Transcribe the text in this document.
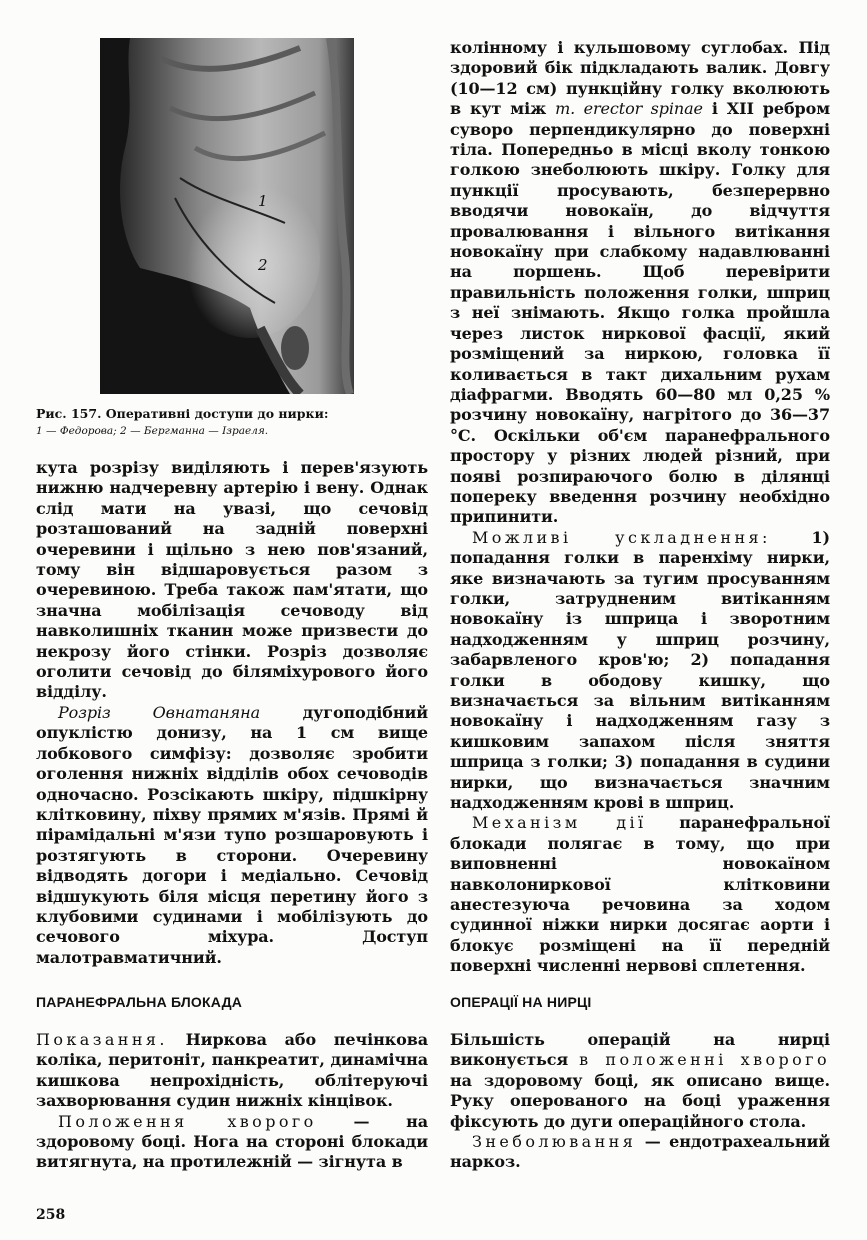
1
2
Рис. 157. Оперативні доступи до нирки:
1 — Федорова; 2 — Бергманна — Ізраеля.

кута розрізу виділяють і перев'язують нижню надчеревну артерію і вену. Однак слід мати на увазі, що сечовід розташований на задній поверхні очеревини і щільно з нею пов'язаний, тому він відшаровується разом з очеревиною. Треба також пам'ятати, що значна мобілізація сечоводу від навколишніх тканин може призвести до некрозу його стінки. Розріз дозволяє оголити сечовід до біляміхурового його відділу.

Розріз Овнатаняна дугоподібний опуклістю донизу, на 1 см вище лобкового симфізу: дозволяє зробити оголення нижніх відділів обох сечоводів одночасно. Розсікають шкіру, підшкірну клітковину, піхву прямих м'язів. Прямі й пірамідальні м'язи тупо розшаровують і розтягують в сторони. Очеревину відводять догори і медіально. Сечовід відшукують біля місця перетину його з клубовими судинами і мобілізують до сечового міхура. Доступ малотравматичний.

ПАРАНЕФРАЛЬНА БЛОКАДА

Показання. Ниркова або печінкова коліка, перитоніт, панкреатит, динамічна кишкова непрохідність, облітеруючі захворювання судин нижніх кінцівок.

Положення хворого — на здоровому боці. Нога на стороні блокади витягнута, на протилежній — зігнута в

колінному і кульшовому суглобах. Під здоровий бік підкладають валик. Довгу (10—12 см) пункційну голку вколюють в кут між m. erector spinae і XII ребром суворо перпендикулярно до поверхні тіла. Попередньо в місці вколу тонкою голкою знеболюють шкіру. Голку для пункції просувають, безперервно вводячи новокаїн, до відчуття провалювання і вільного витікання новокаїну при слабкому надавлюванні на поршень. Щоб перевірити правильність положення голки, шприц з неї знімають. Якщо голка пройшла через листок ниркової фасції, який розміщений за ниркою, головка її коливається в такт дихальним рухам діафрагми. Вводять 60—80 мл 0,25 % розчину новокаїну, нагрітого до 36—37 °С. Оскільки об'єм паранефрального простору у різних людей різний, при появі розпираючого болю в ділянці попереку введення розчину необхідно припинити.

Можливі ускладнення: 1) попадання голки в паренхіму нирки, яке визначають за тугим просуванням голки, затрудненим витіканням новокаїну із шприца і зворотним надходженням у шприц розчину, забарвленого кров'ю; 2) попадання голки в ободову кишку, що визначається за вільним витіканням новокаїну і надходженням газу з кишковим запахом після зняття шприца з голки; 3) попадання в судини нирки, що визначається значним надходженням крові в шприц.

Механізм дії паранефральної блокади полягає в тому, що при виповненні новокаїном навколониркової клітковини анестезуюча речовина за ходом судинної ніжки нирки досягає аорти і блокує розміщені на її передній поверхні численні нервові сплетення.

ОПЕРАЦІЇ НА НИРЦІ

Більшість операцій на нирці виконується в положенні хворого на здоровому боці, як описано вище. Руку оперованого на боці ураження фіксують до дуги операційного стола.

Знеболювання — ендотрахеальний наркоз.

258
